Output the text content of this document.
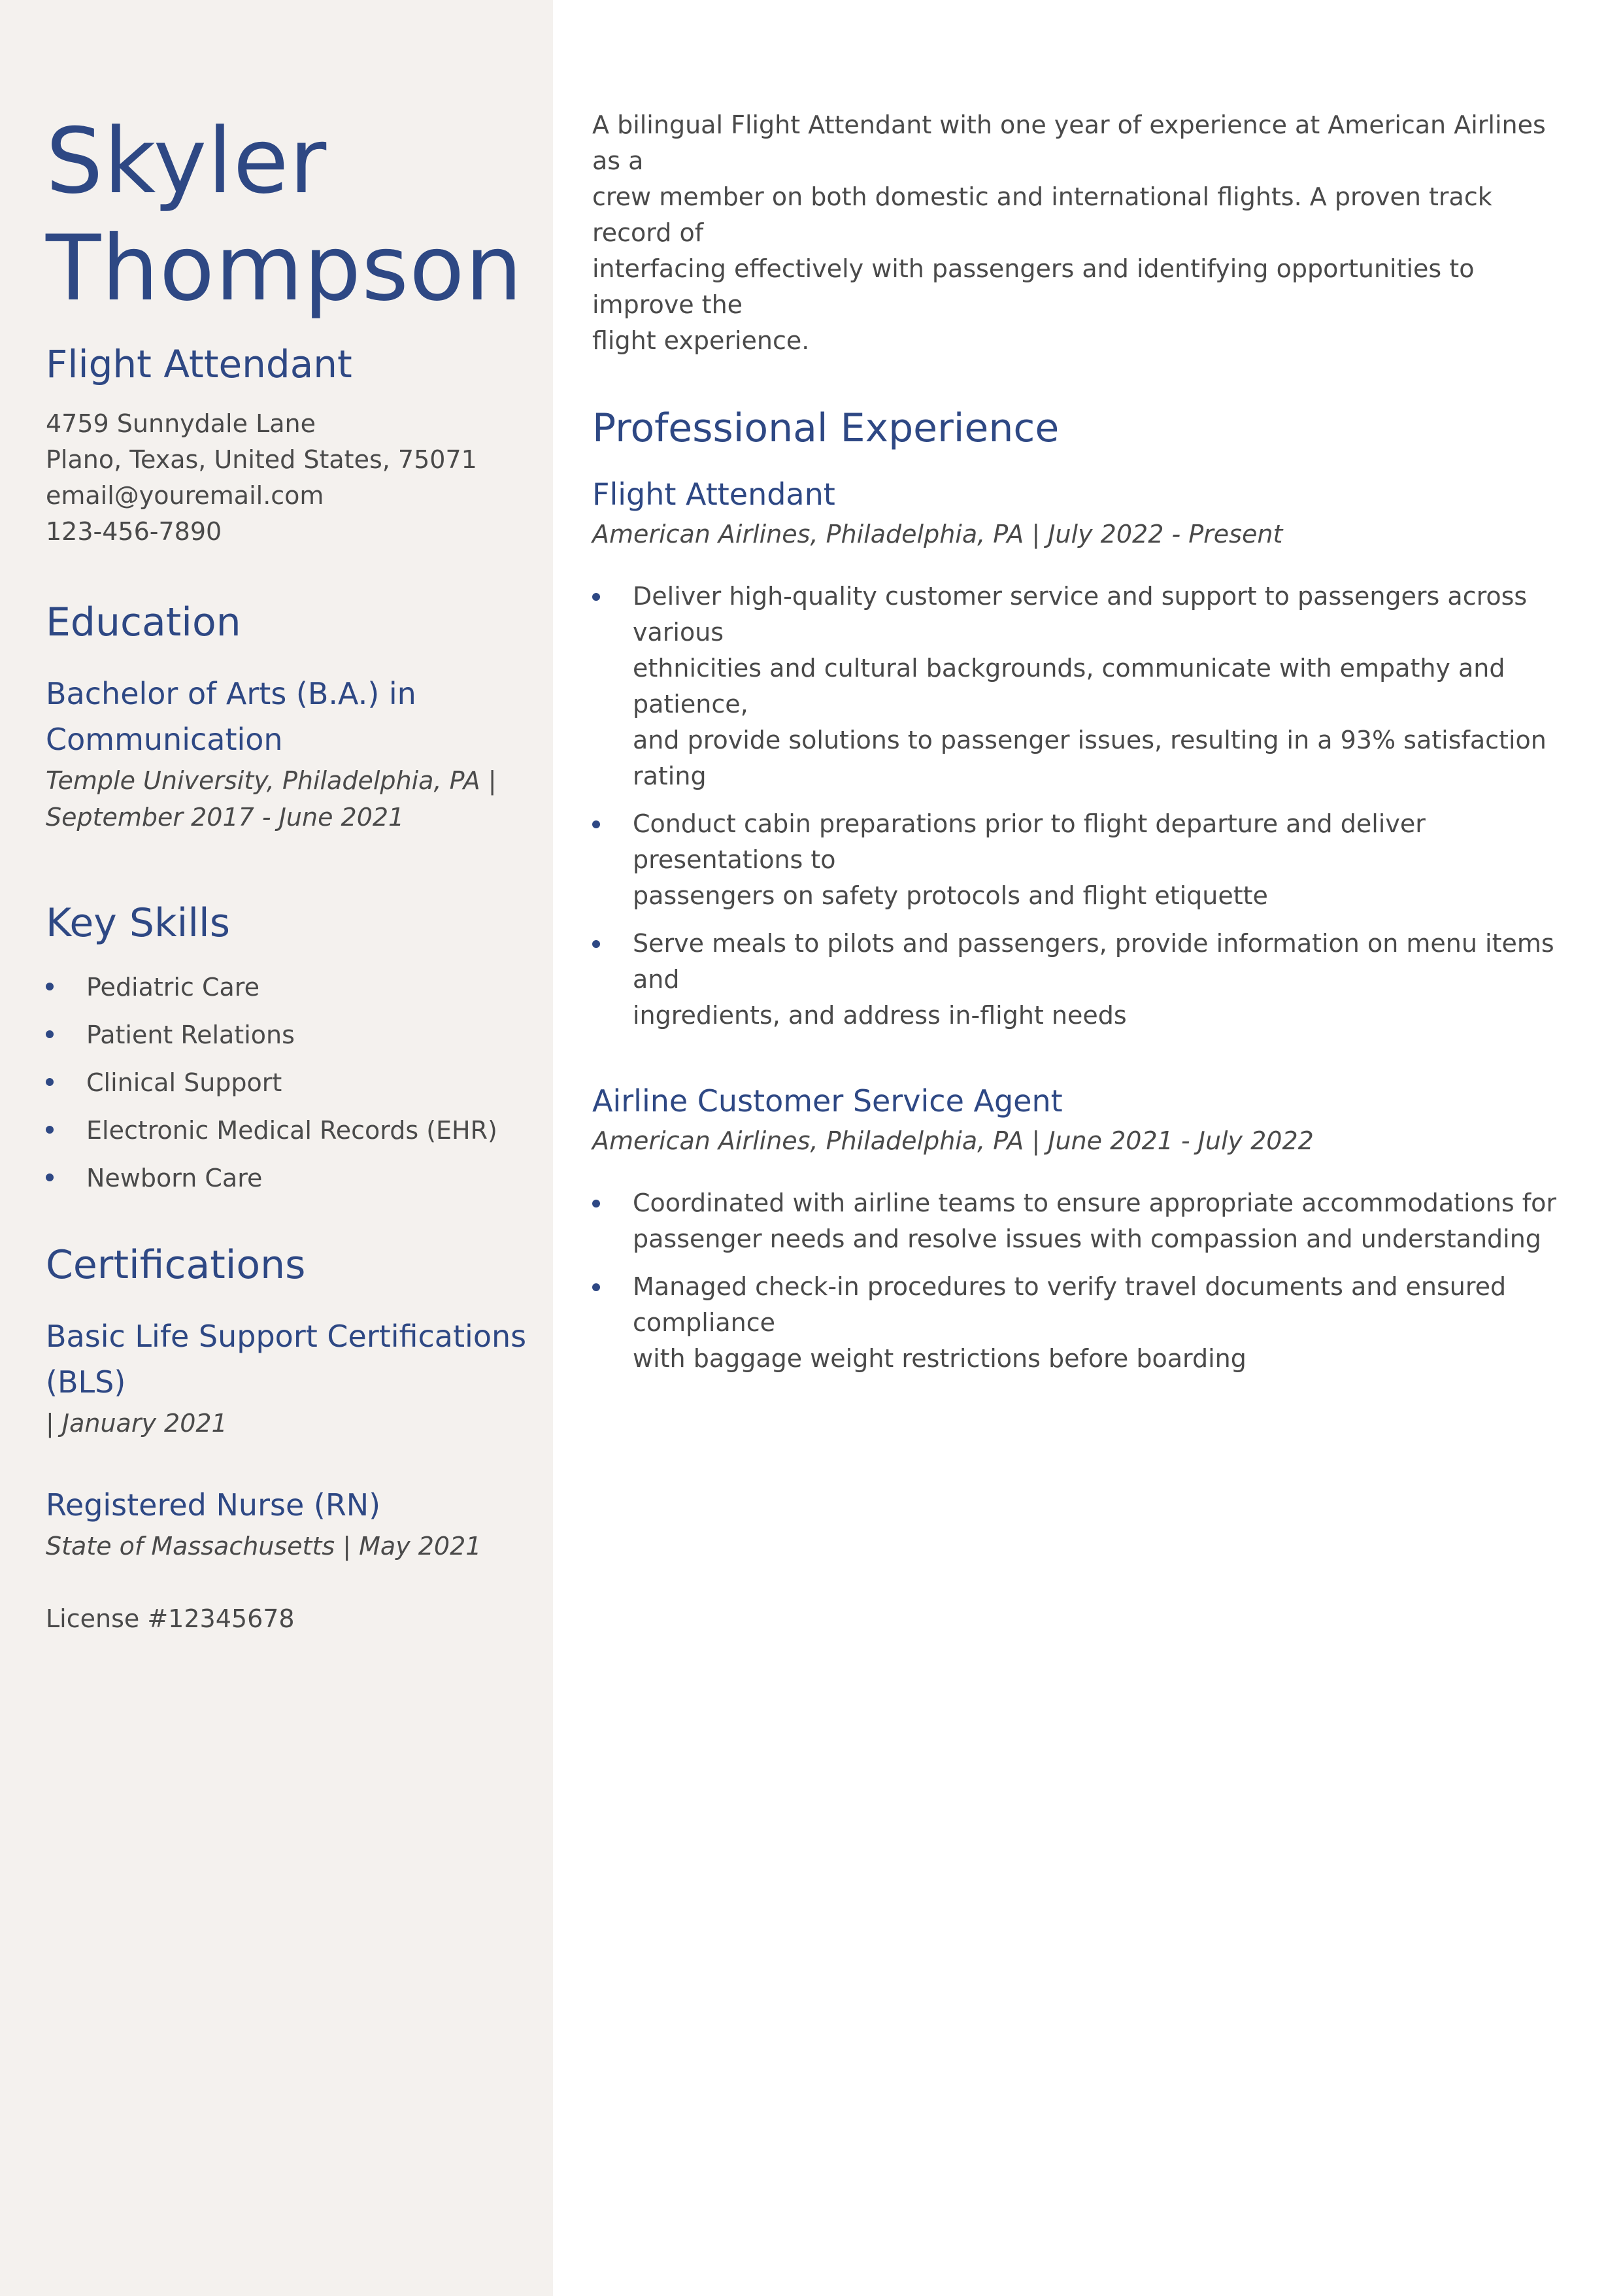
Skyler
Thompson
Flight Attendant
4759 Sunnydale Lane
Plano, Texas, United States, 75071
email@youremail.com
123-456-7890
Education
Bachelor of Arts (B.A.) in
Communication
Temple University, Philadelphia, PA |
September 2017 - June 2021
Key Skills
Pediatric Care
Patient Relations
Clinical Support
Electronic Medical Records (EHR)
Newborn Care
Certifications
Basic Life Support Certifications
(BLS)
| January 2021
Registered Nurse (RN)
State of Massachusetts | May 2021
License #12345678
A bilingual Flight Attendant with one year of experience at American Airlines as a
crew member on both domestic and international flights. A proven track record of
interfacing effectively with passengers and identifying opportunities to improve the
flight experience.
Professional Experience
Flight Attendant
American Airlines, Philadelphia, PA | July 2022 - Present
Deliver high-quality customer service and support to passengers across various
ethnicities and cultural backgrounds, communicate with empathy and patience,
and provide solutions to passenger issues, resulting in a 93% satisfaction rating
Conduct cabin preparations prior to flight departure and deliver presentations to
passengers on safety protocols and flight etiquette
Serve meals to pilots and passengers, provide information on menu items and
ingredients, and address in-flight needs
Airline Customer Service Agent
American Airlines, Philadelphia, PA | June 2021 - July 2022
Coordinated with airline teams to ensure appropriate accommodations for
passenger needs and resolve issues with compassion and understanding
Managed check-in procedures to verify travel documents and ensured compliance
with baggage weight restrictions before boarding
